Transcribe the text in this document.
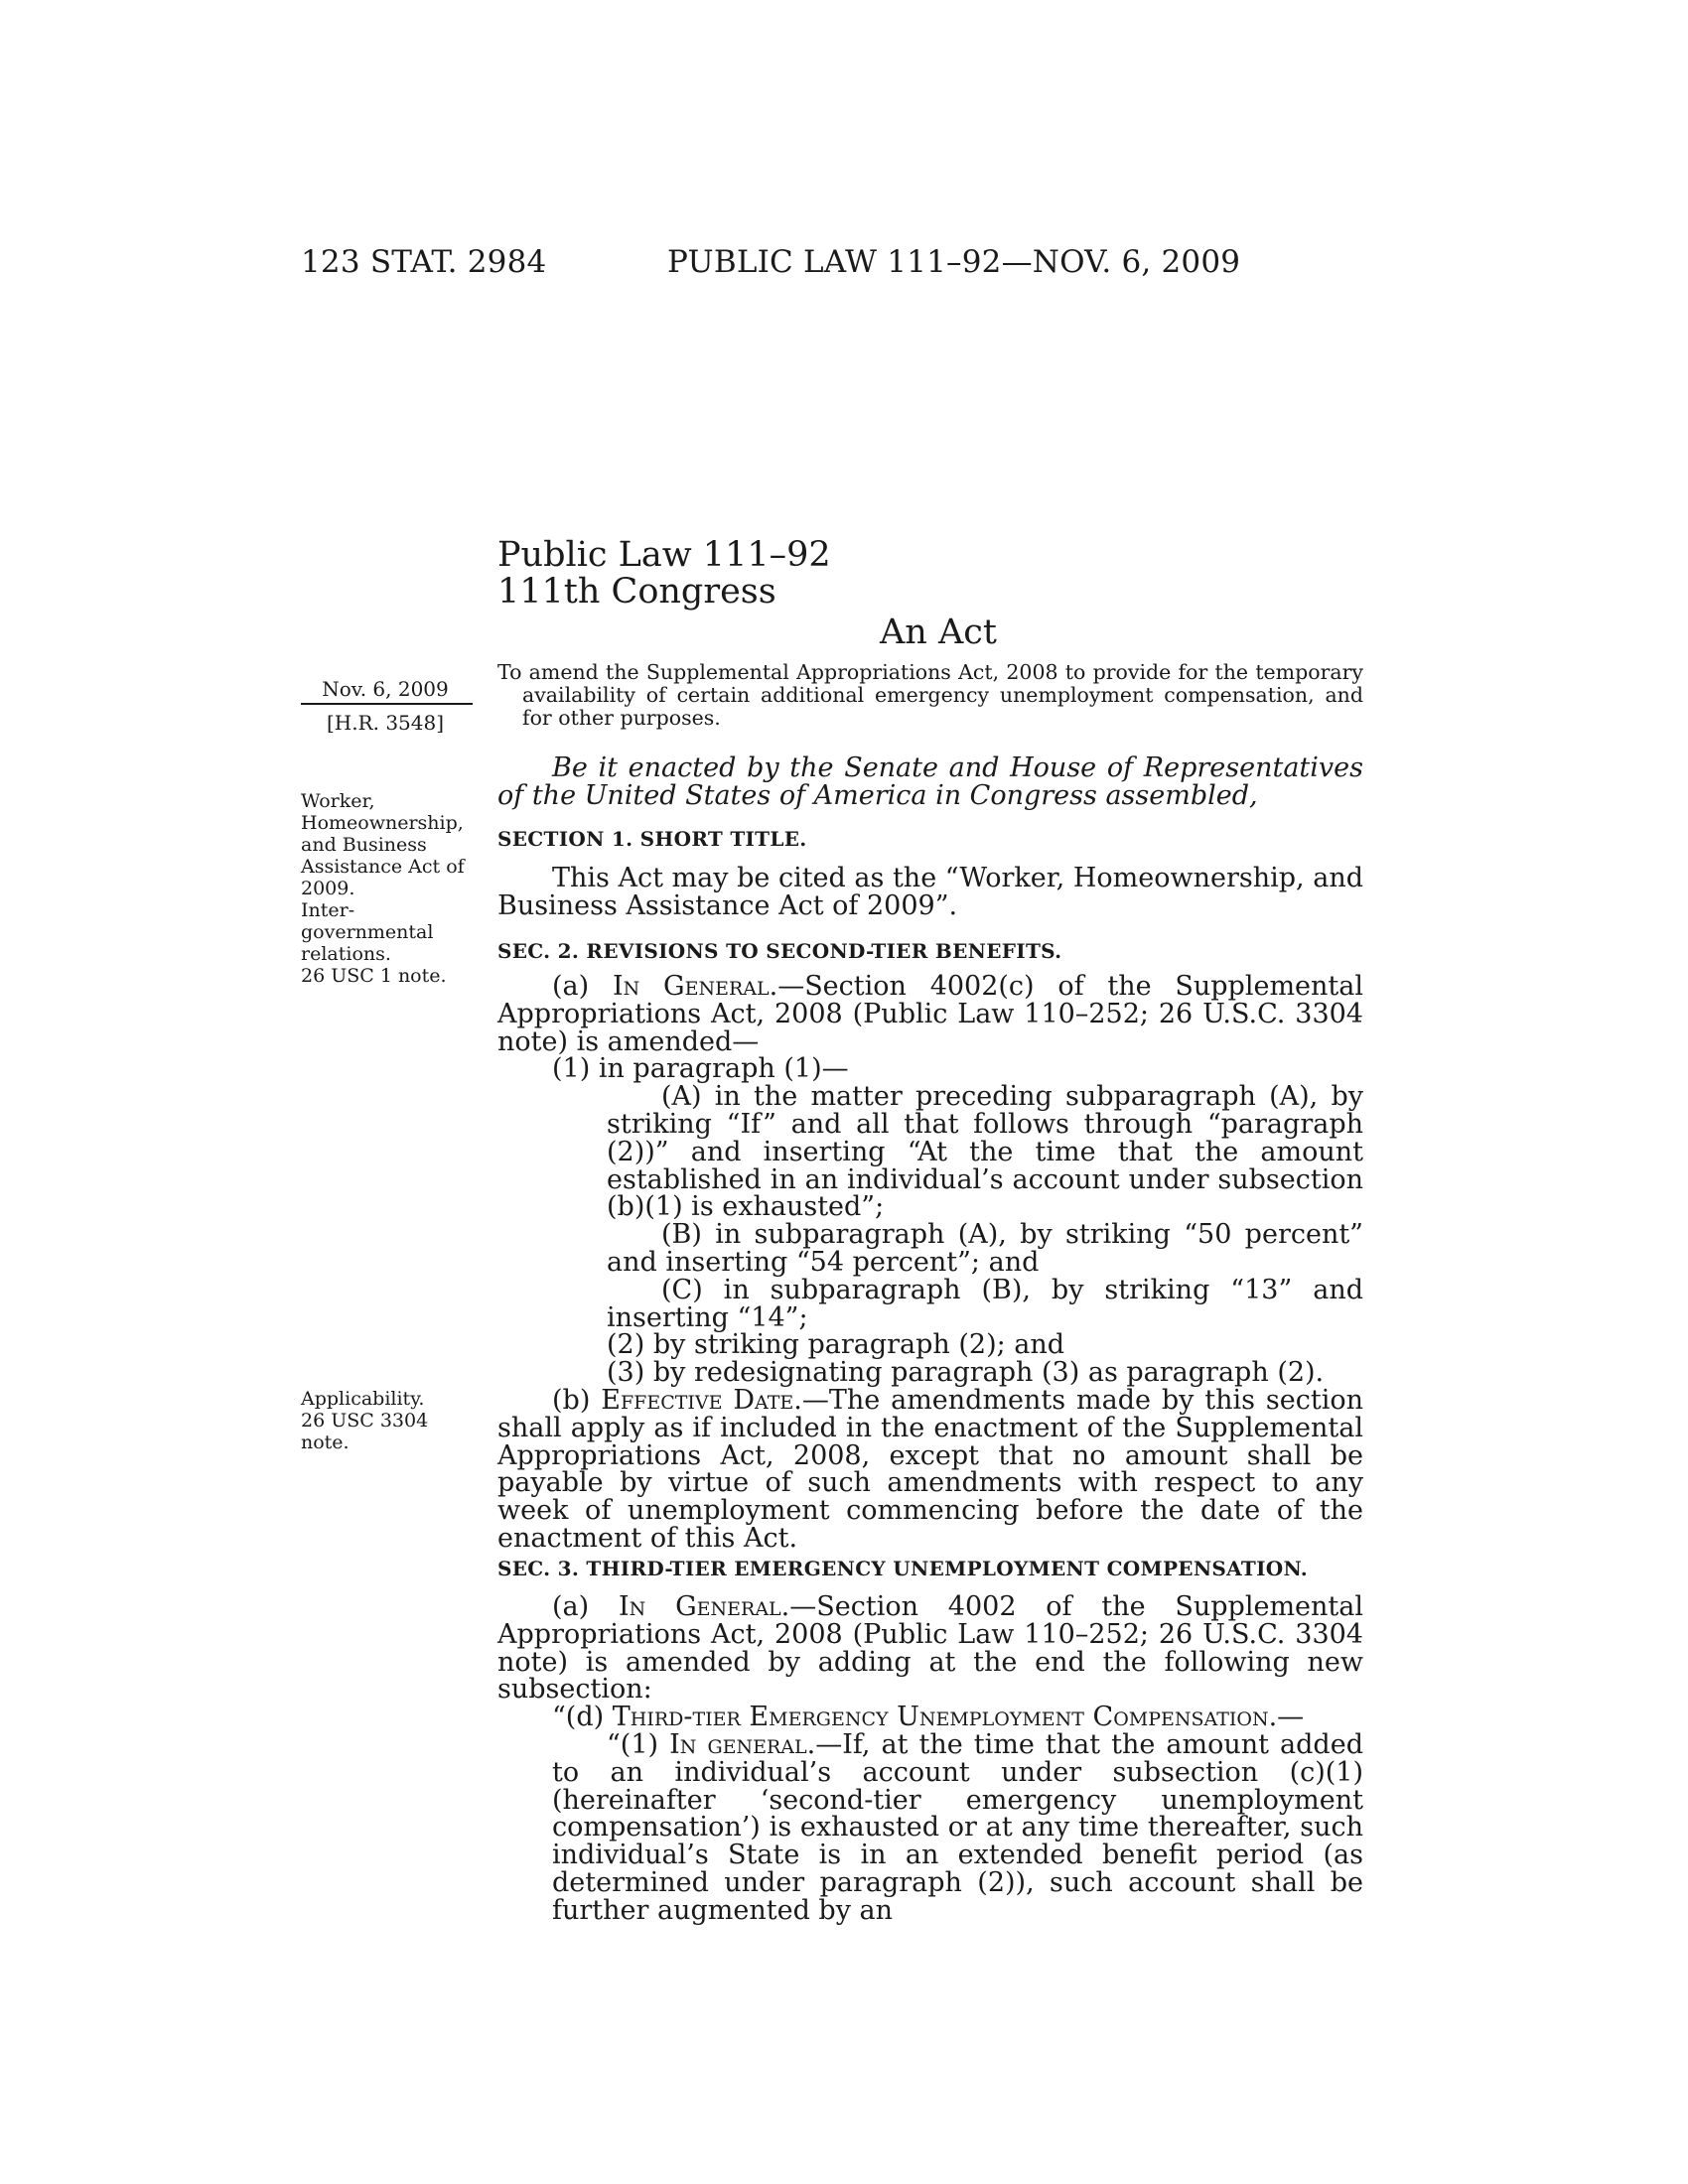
123 STAT. 2984	PUBLIC LAW 111–92—NOV. 6, 2009
Public Law 111–92
111th Congress
An Act
Nov. 6, 2009
[H.R. 3548]
Worker,
Homeownership,
and Business
Assistance Act of
2009.
Inter-
governmental
relations.
26 USC 1 note.
Applicability.
26 USC 3304
note.

To amend the Supplemental Appropriations Act, 2008 to provide for the temporary availability of certain additional emergency unemployment compensation, and for other purposes.

Be it enacted by the Senate and House of Representatives of the United States of America in Congress assembled,

SECTION 1. SHORT TITLE.

This Act may be cited as the “Worker, Homeownership, and Business Assistance Act of 2009”.

SEC. 2. REVISIONS TO SECOND-TIER BENEFITS.

(a) In General.—Section 4002(c) of the Supplemental Appropriations Act, 2008 (Public Law 110–252; 26 U.S.C. 3304 note) is amended—

(1) in paragraph (1)—

(A) in the matter preceding subparagraph (A), by striking “If” and all that follows through “paragraph (2))” and inserting “At the time that the amount established in an individual’s account under subsection (b)(1) is exhausted”;

(B) in subparagraph (A), by striking “50 percent” and inserting “54 percent”; and

(C) in subparagraph (B), by striking “13” and inserting “14”;

(2) by striking paragraph (2); and

(3) by redesignating paragraph (3) as paragraph (2).

(b) Effective Date.—The amendments made by this section shall apply as if included in the enactment of the Supplemental Appropriations Act, 2008, except that no amount shall be payable by virtue of such amendments with respect to any week of unemployment commencing before the date of the enactment of this Act.

SEC. 3. THIRD-TIER EMERGENCY UNEMPLOYMENT COMPENSATION.

(a) In General.—Section 4002 of the Supplemental Appropriations Act, 2008 (Public Law 110–252; 26 U.S.C. 3304 note) is amended by adding at the end the following new subsection:

“(d) Third-tier Emergency Unemployment Compensation.—

“(1) In general.—If, at the time that the amount added to an individual’s account under subsection (c)(1) (hereinafter ‘second-tier emergency unemployment compensation’) is exhausted or at any time thereafter, such individual’s State is in an extended benefit period (as determined under paragraph (2)), such account shall be further augmented by an
